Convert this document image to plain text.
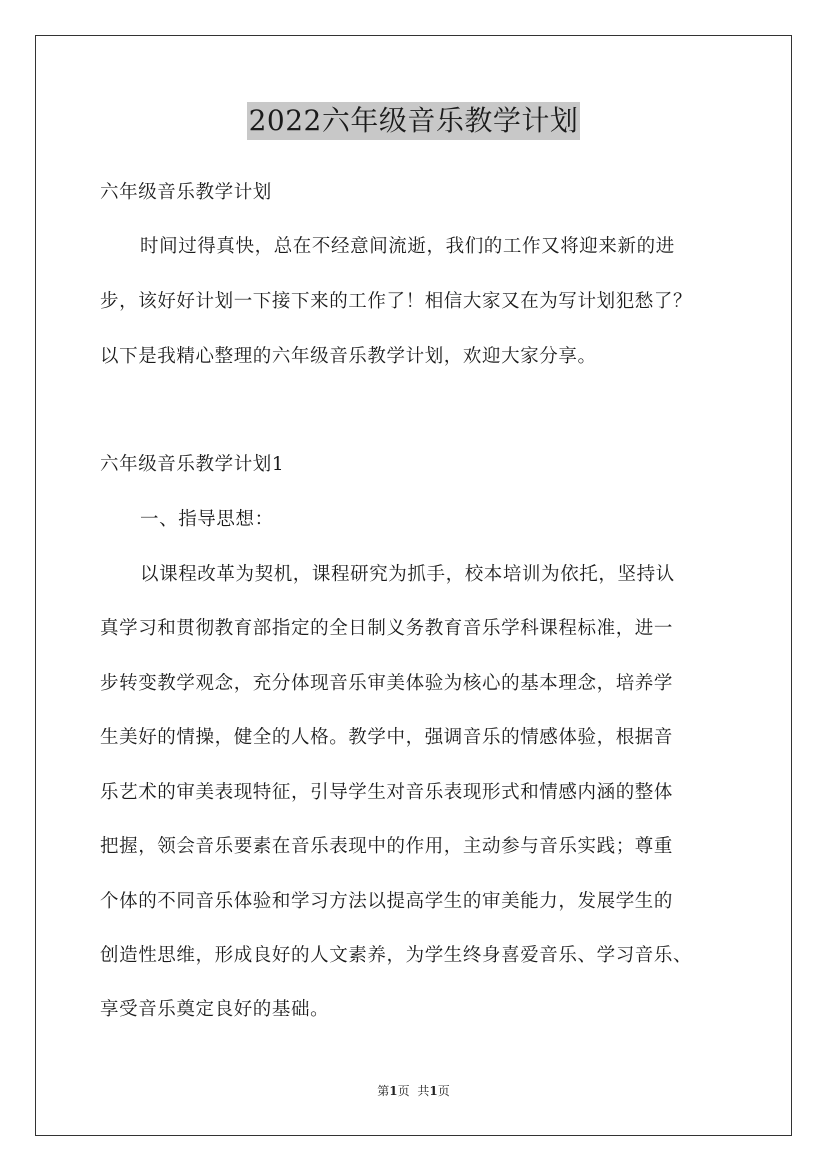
2022六年级音乐教学计划
六年级音乐教学计划
时间过得真快，总在不经意间流逝，我们的工作又将迎来新的进
步，该好好计划一下接下来的工作了！相信大家又在为写计划犯愁了？
以下是我精心整理的六年级音乐教学计划，欢迎大家分享。
六年级音乐教学计划1
一、指导思想：
以课程改革为契机，课程研究为抓手，校本培训为依托，坚持认
真学习和贯彻教育部指定的全日制义务教育音乐学科课程标准，进一
步转变教学观念，充分体现音乐审美体验为核心的基本理念，培养学
生美好的情操，健全的人格。教学中，强调音乐的情感体验，根据音
乐艺术的审美表现特征，引导学生对音乐表现形式和情感内涵的整体
把握，领会音乐要素在音乐表现中的作用，主动参与音乐实践；尊重
个体的不同音乐体验和学习方法以提高学生的审美能力，发展学生的
创造性思维，形成良好的人文素养，为学生终身喜爱音乐、学习音乐、
享受音乐奠定良好的基础。
第1页 共1页
